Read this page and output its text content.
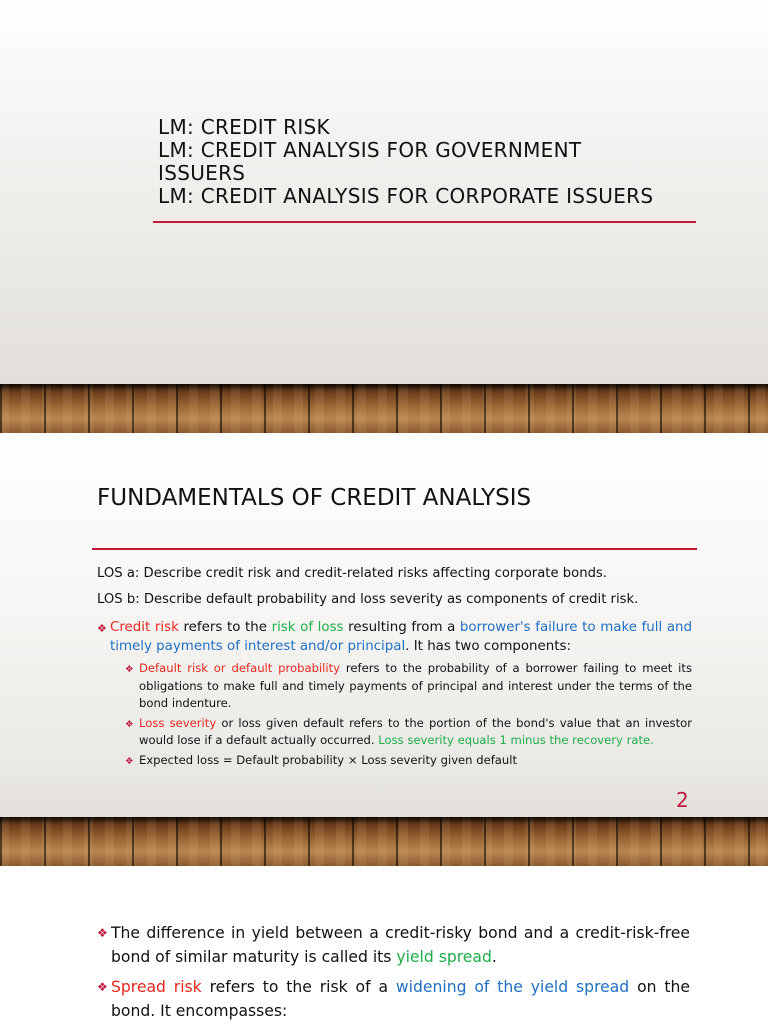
LM: CREDIT RISK
LM: CREDIT ANALYSIS FOR GOVERNMENT
ISSUERS
LM: CREDIT ANALYSIS FOR CORPORATE ISSUERS
FUNDAMENTALS OF CREDIT ANALYSIS

LOS a: Describe credit risk and credit-related risks affecting corporate bonds.

LOS b: Describe default probability and loss severity as components of credit risk.

❖ Credit risk refers to the risk of loss resulting from a borrower's failure to make full and timely payments of interest and/or principal. It has two components:
❖ Default risk or default probability refers to the probability of a borrower failing to meet its obligations to make full and timely payments of principal and interest under the terms of the bond indenture.
❖ Loss severity or loss given default refers to the portion of the bond's value that an investor would lose if a default actually occurred. Loss severity equals 1 minus the recovery rate.
❖ Expected loss = Default probability × Loss severity given default
2
❖ The difference in yield between a credit-risky bond and a credit-risk-free bond of similar maturity is called its yield spread.
❖ Spread risk refers to the risk of a widening of the yield spread on the bond. It encompasses:
